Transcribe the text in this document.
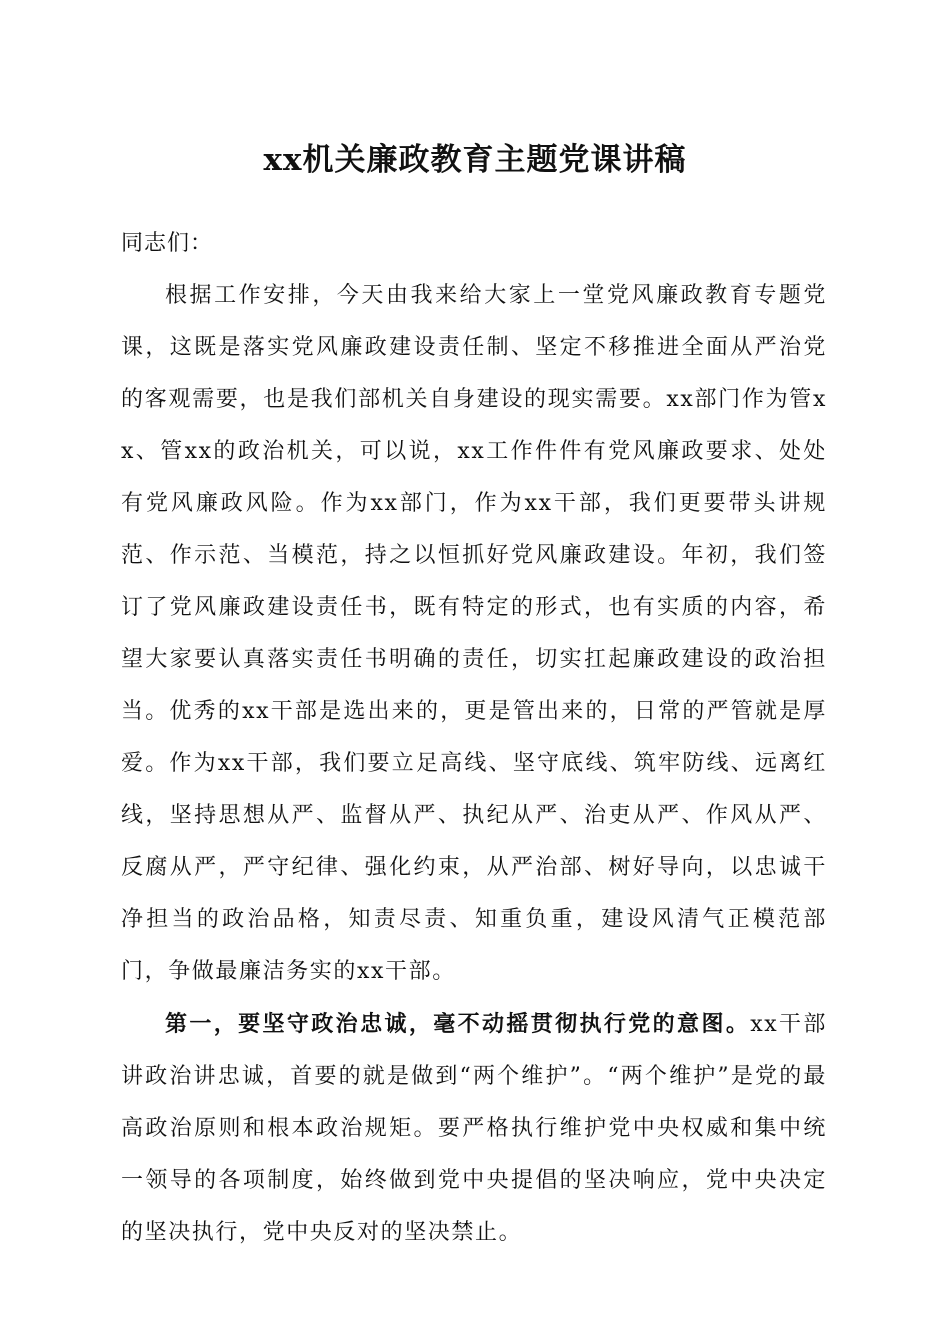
xx机关廉政教育主题党课讲稿

同志们：

根据工作安排，今天由我来给大家上一堂党风廉政教育专题党课，这既是落实党风廉政建设责任制、坚定不移推进全面从严治党的客观需要，也是我们部机关自身建设的现实需要。xx部门作为管xx、管xx的政治机关，可以说，xx工作件件有党风廉政要求、处处有党风廉政风险。作为xx部门，作为xx干部，我们更要带头讲规范、作示范、当模范，持之以恒抓好党风廉政建设。年初，我们签订了党风廉政建设责任书，既有特定的形式，也有实质的内容，希望大家要认真落实责任书明确的责任，切实扛起廉政建设的政治担当。优秀的xx干部是选出来的，更是管出来的，日常的严管就是厚爱。作为xx干部，我们要立足高线、坚守底线、筑牢防线、远离红线，坚持思想从严、监督从严、执纪从严、治吏从严、作风从严、反腐从严，严守纪律、强化约束，从严治部、树好导向，以忠诚干净担当的政治品格，知责尽责、知重负重，建设风清气正模范部门，争做最廉洁务实的xx干部。

第一，要坚守政治忠诚，毫不动摇贯彻执行党的意图。xx干部讲政治讲忠诚，首要的就是做到“两个维护”。“两个维护”是党的最高政治原则和根本政治规矩。要严格执行维护党中央权威和集中统一领导的各项制度，始终做到党中央提倡的坚决响应，党中央决定的坚决执行，党中央反对的坚决禁止。
